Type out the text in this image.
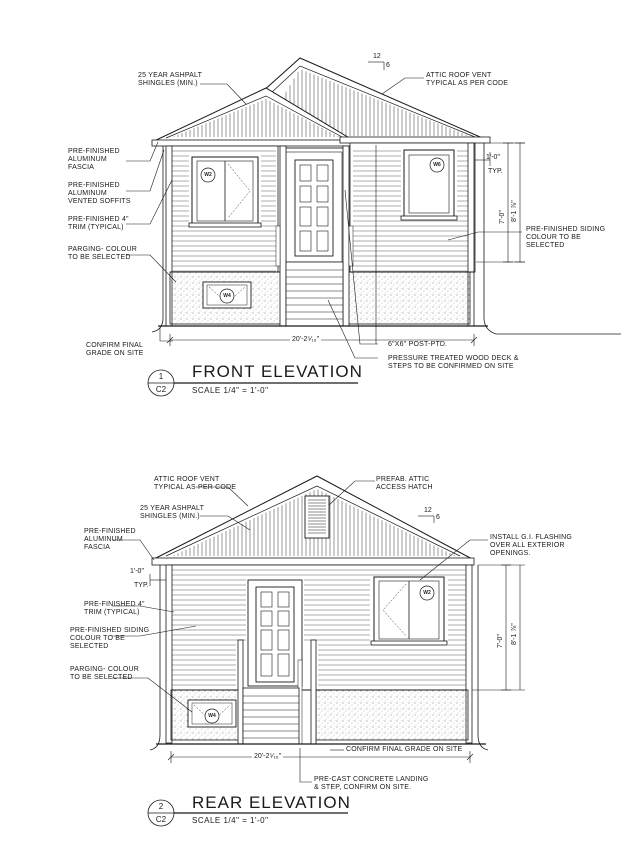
25 YEAR ASHPALT
SHINGLES (MIN.)
ATTIC ROOF VENT
TYPICAL AS PER CODE
PRE-FINISHED
ALUMINUM
FASCIA
PRE-FINISHED
ALUMINUM
VENTED SOFFITS
PRE-FINISHED 4"
TRIM (TYPICAL)
PARGING- COLOUR
TO BE SELECTED
PRE-FINISHED SIDING
COLOUR TO BE
SELECTED
CONFIRM FINAL
GRADE ON SITE
6"X6" POST-PTD.
PRESSURE TREATED WOOD DECK &
STEPS TO BE CONFIRMED ON SITE
20'-2⁵⁄₁₆"
1'-0"
TYP.
7'-0" 8'-1 ⅞"
12
6
W2
W6
W4
1
C2
FRONT ELEVATION
SCALE 1/4" = 1'-0"
ATTIC ROOF VENT
TYPICAL AS PER CODE
25 YEAR ASHPALT
SHINGLES (MIN.)
PREFAB. ATTIC
ACCESS HATCH
PRE-FINISHED
ALUMINUM
FASCIA
INSTALL G.I. FLASHING
OVER ALL EXTERIOR
OPENINGS.
PRE-FINISHED 4"
TRIM (TYPICAL)
PRE-FINISHED SIDING
COLOUR TO BE
SELECTED
PARGING- COLOUR
TO BE SELECTED
CONFIRM FINAL GRADE ON SITE
PRE-CAST CONCRETE LANDING
& STEP, CONFIRM ON SITE.
20'-2⁵⁄₁₆"
1'-0"
TYP.
7'-0" 8'-1 ⅞"
12
6
W2
W4
2
C2
REAR ELEVATION
SCALE 1/4" = 1'-0"
